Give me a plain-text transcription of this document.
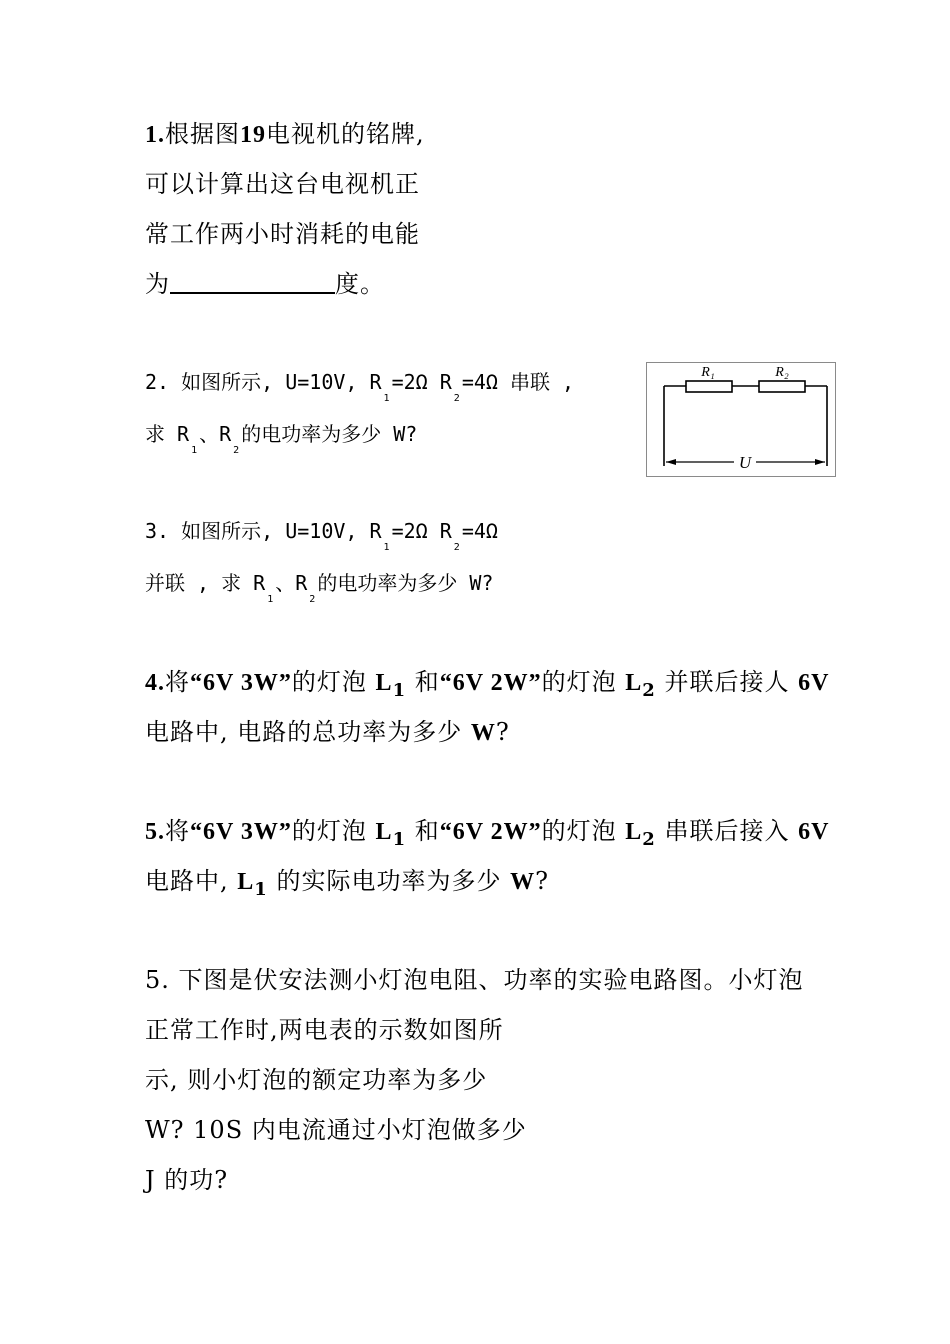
1.根据图19电视机的铭牌,
可以计算出这台电视机正
常工作两小时消耗的电能
为	度。
2. 如图所示, U=10V, $R_1=2\Omega$ $R_2=4\Omega$ 串联 ,
求 $R_1$、$R_2$的电功率为多少 W?
R₁	R₂
U
3. 如图所示, U=10V, $R_1=2\Omega$ $R_2=4\Omega$
并联 , 求 $R_1$、$R_2$的电功率为多少 W?
4.将“6V 3W”的灯泡 $L_1$ 和“6V 2W”的灯泡 $L_2$ 并联后接人 6V
电路中, 电路的总功率为多少 W?
5.将“6V 3W”的灯泡 $L_1$ 和“6V 2W”的灯泡 $L_2$ 串联后接入 6V
电路中, $L_1$ 的实际电功率为多少 W?
5. 下图是伏安法测小灯泡电阻、功率的实验电路图。小灯泡
正常工作时,两电表的示数如图所
示, 则小灯泡的额定功率为多少
W? 10S 内电流通过小灯泡做多少
J 的功?
